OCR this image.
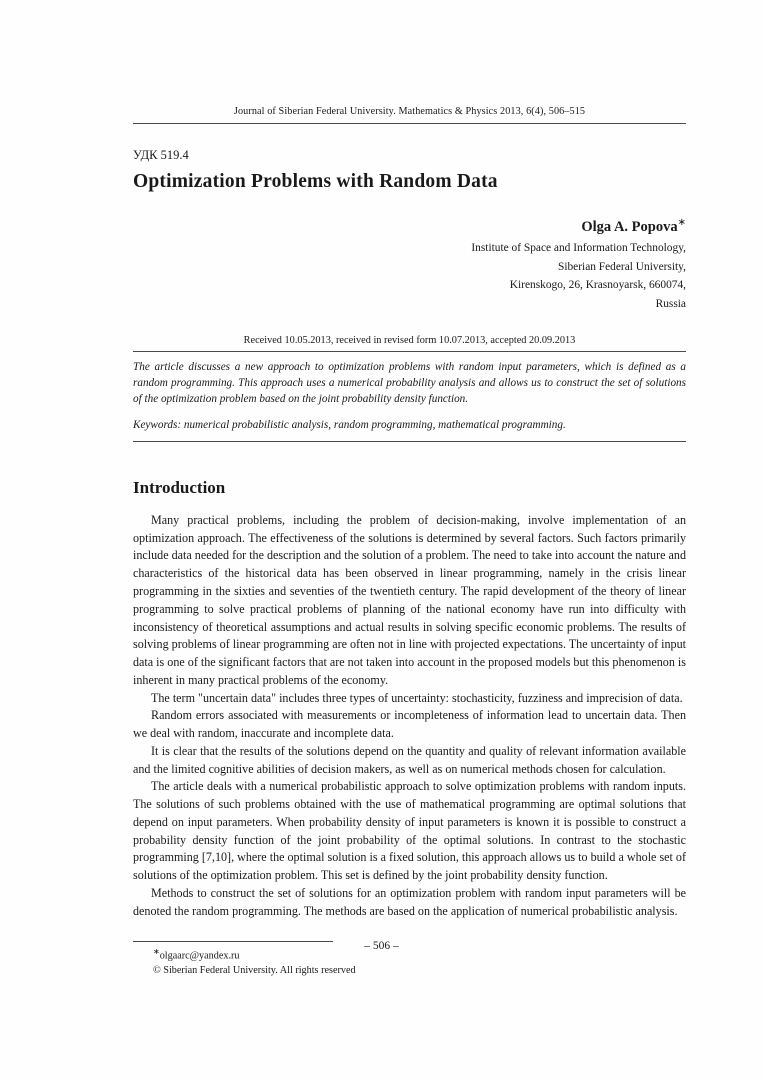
Journal of Siberian Federal University. Mathematics & Physics 2013, 6(4), 506–515
УДК 519.4
Optimization Problems with Random Data
Olga A. Popova∗
Institute of Space and Information Technology,
Siberian Federal University,
Kirenskogo, 26, Krasnoyarsk, 660074,
Russia
Received 10.05.2013, received in revised form 10.07.2013, accepted 20.09.2013
The article discusses a new approach to optimization problems with random input parameters, which is defined as a random programming. This approach uses a numerical probability analysis and allows us to construct the set of solutions of the optimization problem based on the joint probability density function.
Keywords: numerical probabilistic analysis, random programming, mathematical programming.
Introduction

Many practical problems, including the problem of decision-making, involve implementation of an optimization approach. The effectiveness of the solutions is determined by several factors. Such factors primarily include data needed for the description and the solution of a problem. The need to take into account the nature and characteristics of the historical data has been observed in linear programming, namely in the crisis linear programming in the sixties and seventies of the twentieth century. The rapid development of the theory of linear programming to solve practical problems of planning of the national economy have run into difficulty with inconsistency of theoretical assumptions and actual results in solving specific economic problems. The results of solving problems of linear programming are often not in line with projected expectations. The uncertainty of input data is one of the significant factors that are not taken into account in the proposed models but this phenomenon is inherent in many practical problems of the economy.

The term "uncertain data" includes three types of uncertainty: stochasticity, fuzziness and imprecision of data.

Random errors associated with measurements or incompleteness of information lead to uncertain data. Then we deal with random, inaccurate and incomplete data.

It is clear that the results of the solutions depend on the quantity and quality of relevant information available and the limited cognitive abilities of decision makers, as well as on numerical methods chosen for calculation.

The article deals with a numerical probabilistic approach to solve optimization problems with random inputs. The solutions of such problems obtained with the use of mathematical programming are optimal solutions that depend on input parameters. When probability density of input parameters is known it is possible to construct a probability density function of the joint probability of the optimal solutions. In contrast to the stochastic programming [7,10], where the optimal solution is a fixed solution, this approach allows us to build a whole set of solutions of the optimization problem. This set is defined by the joint probability density function.

Methods to construct the set of solutions for an optimization problem with random input parameters will be denoted the random programming. The methods are based on the application of numerical probabilistic analysis.

∗olgaarc@yandex.ru
© Siberian Federal University. All rights reserved
– 506 –
